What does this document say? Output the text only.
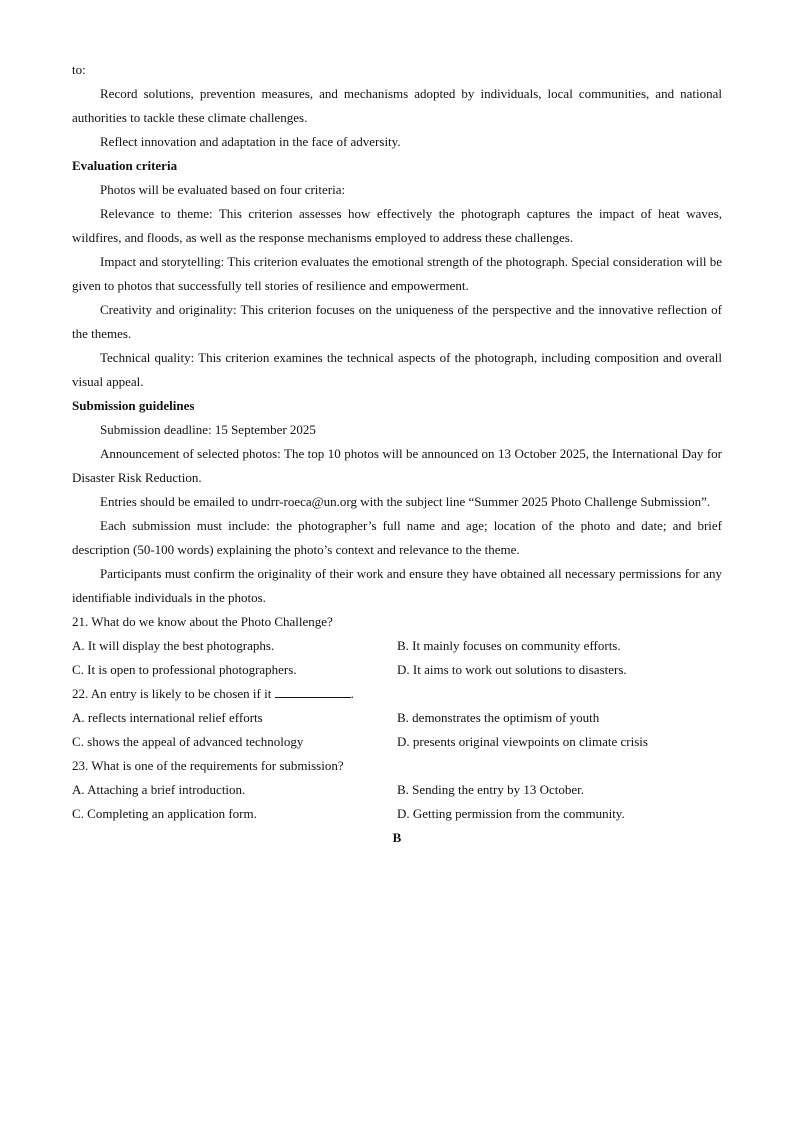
to:

Record solutions, prevention measures, and mechanisms adopted by individuals, local communities, and national authorities to tackle these climate challenges.

Reflect innovation and adaptation in the face of adversity.

Evaluation criteria

Photos will be evaluated based on four criteria:

Relevance to theme: This criterion assesses how effectively the photograph captures the impact of heat waves, wildfires, and floods, as well as the response mechanisms employed to address these challenges.

Impact and storytelling: This criterion evaluates the emotional strength of the photograph. Special consideration will be given to photos that successfully tell stories of resilience and empowerment.

Creativity and originality: This criterion focuses on the uniqueness of the perspective and the innovative reflection of the themes.

Technical quality: This criterion examines the technical aspects of the photograph, including composition and overall visual appeal.

Submission guidelines

Submission deadline: 15 September 2025

Announcement of selected photos: The top 10 photos will be announced on 13 October 2025, the International Day for Disaster Risk Reduction.

Entries should be emailed to undrr-roeca@un.org with the subject line “Summer 2025 Photo Challenge Submission”.

Each submission must include: the photographer’s full name and age; location of the photo and date; and brief description (50-100 words) explaining the photo’s context and relevance to the theme.

Participants must confirm the originality of their work and ensure they have obtained all necessary permissions for any identifiable individuals in the photos.

21. What do we know about the Photo Challenge?

A. It will display the best photographs.	B. It mainly focuses on community efforts.
C. It is open to professional photographers.	D. It aims to work out solutions to disasters.

22. An entry is likely to be chosen if it	.

A. reflects international relief efforts	B. demonstrates the optimism of youth
C. shows the appeal of advanced technology	D. presents original viewpoints on climate crisis

23. What is one of the requirements for submission?

A. Attaching a brief introduction.	B. Sending the entry by 13 October.
C. Completing an application form.	D. Getting permission from the community.

B
